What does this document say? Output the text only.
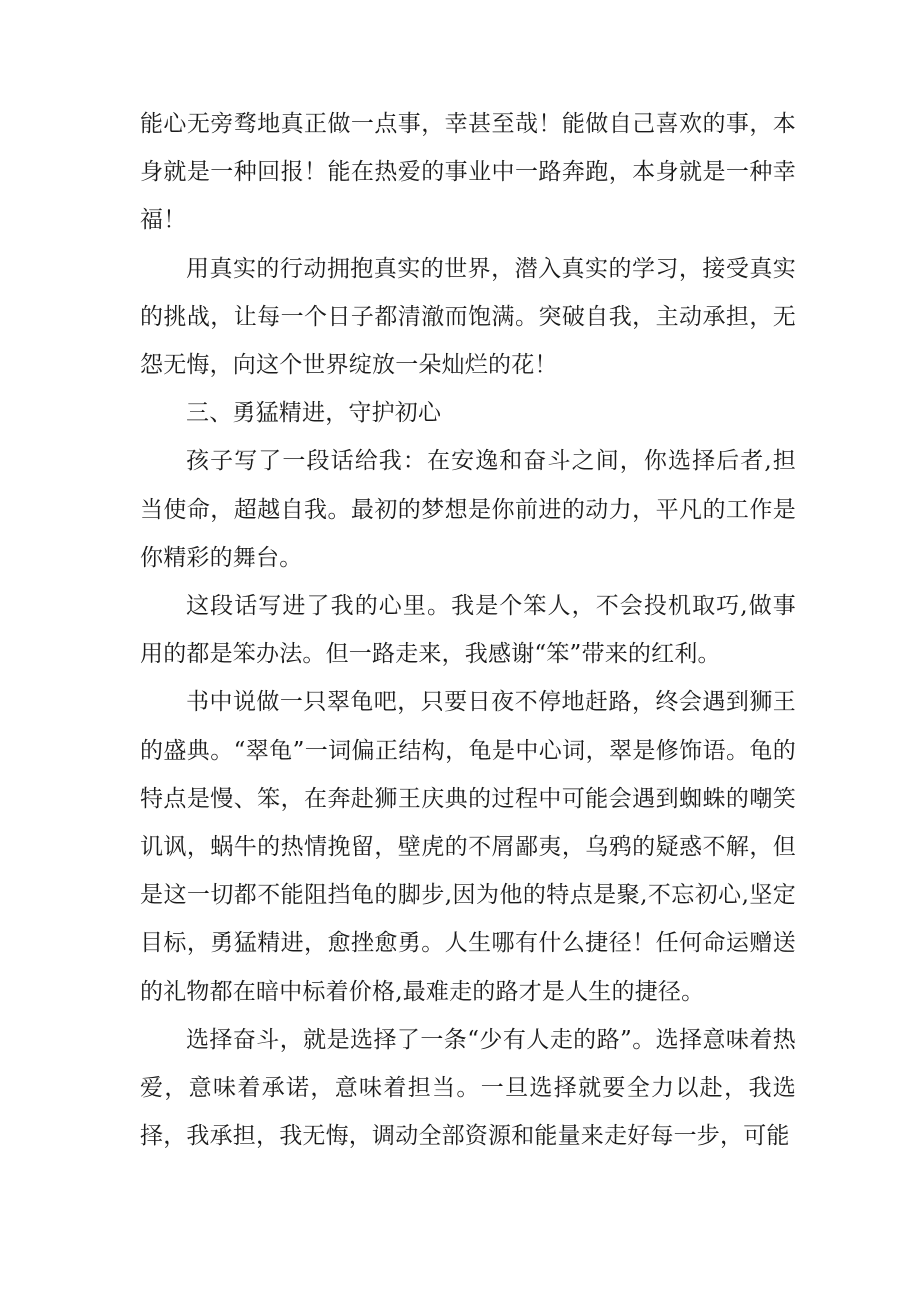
能心无旁骛地真正做一点事，幸甚至哉！能做自己喜欢的事，本身就是一种回报！能在热爱的事业中一路奔跑，本身就是一种幸福！

用真实的行动拥抱真实的世界，潜入真实的学习，接受真实的挑战，让每一个日子都清澈而饱满。突破自我，主动承担，无怨无悔，向这个世界绽放一朵灿烂的花！

三、勇猛精进，守护初心

孩子写了一段话给我：在安逸和奋斗之间，你选择后者,担当使命，超越自我。最初的梦想是你前进的动力，平凡的工作是你精彩的舞台。

这段话写进了我的心里。我是个笨人，不会投机取巧,做事用的都是笨办法。但一路走来，我感谢“笨”带来的红利。

书中说做一只翠龟吧，只要日夜不停地赶路，终会遇到狮王的盛典。“翠龟”一词偏正结构，龟是中心词，翠是修饰语。龟的特点是慢、笨，在奔赴狮王庆典的过程中可能会遇到蜘蛛的嘲笑讥讽，蜗牛的热情挽留，壁虎的不屑鄙夷，乌鸦的疑惑不解，但是这一切都不能阻挡龟的脚步,因为他的特点是聚,不忘初心,坚定目标，勇猛精进，愈挫愈勇。人生哪有什么捷径！任何命运赠送的礼物都在暗中标着价格,最难走的路才是人生的捷径。

选择奋斗，就是选择了一条“少有人走的路”。选择意味着热爱，意味着承诺，意味着担当。一旦选择就要全力以赴，我选择，我承担，我无悔，调动全部资源和能量来走好每一步，可能
